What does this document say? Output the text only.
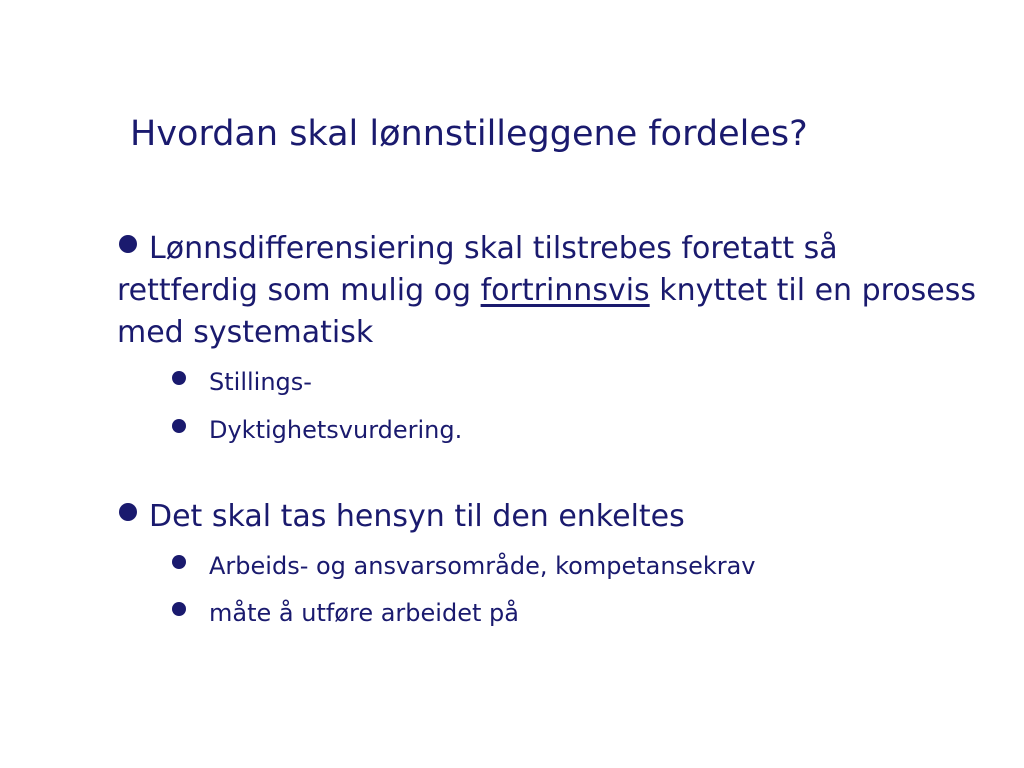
Hvordan skal lønnstilleggene fordeles?
Lønnsdifferensiering skal tilstrebes foretatt så rettferdig som mulig og fortrinnsvis knyttet til en prosess med systematisk
Stillings-
Dyktighetsvurdering.
Det skal tas hensyn til den enkeltes
Arbeids- og ansvarsområde, kompetansekrav
måte å utføre arbeidet på
